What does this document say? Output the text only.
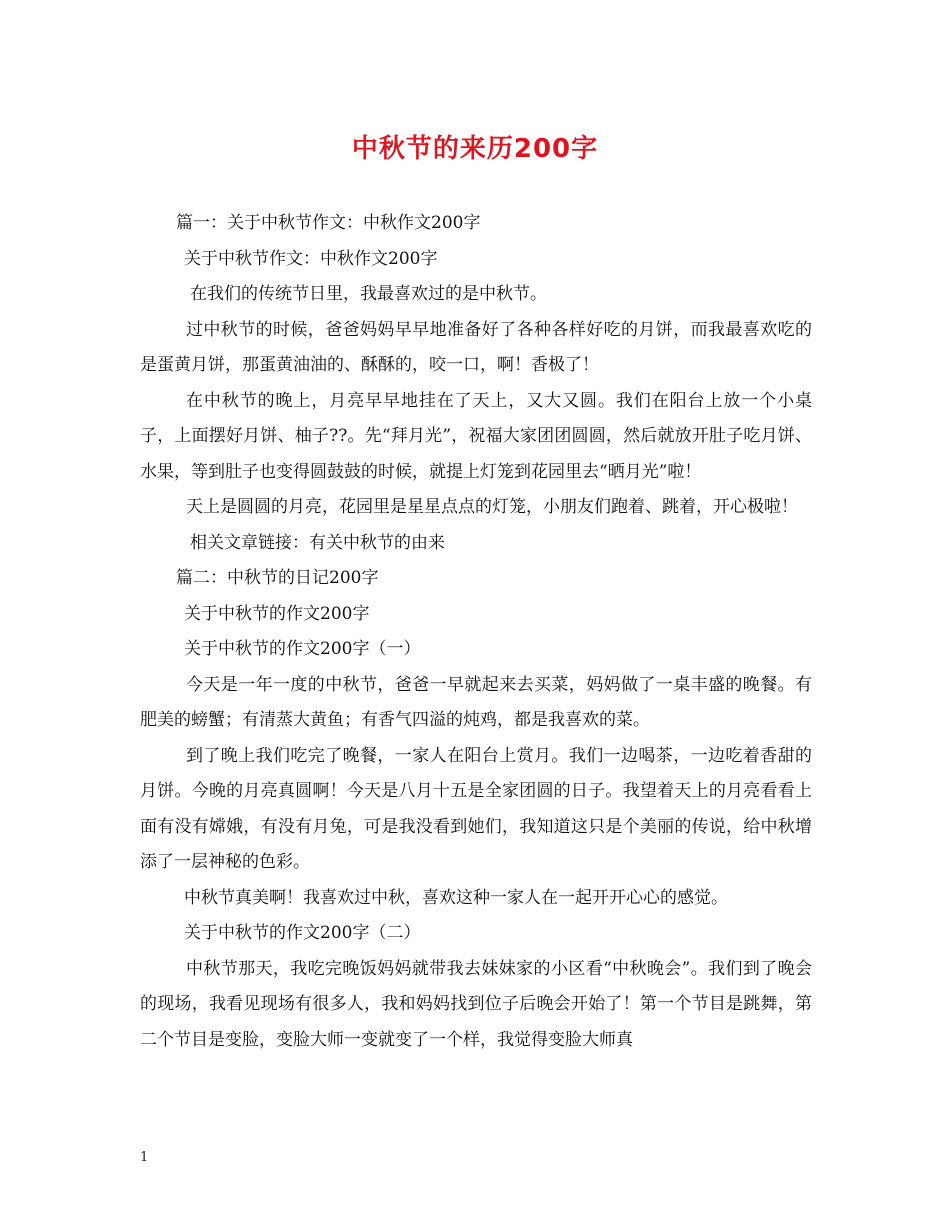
中秋节的来历200字

篇一：关于中秋节作文：中秋作文200字

关于中秋节作文：中秋作文200字

在我们的传统节日里，我最喜欢过的是中秋节。

过中秋节的时候，爸爸妈妈早早地准备好了各种各样好吃的月饼，而我最喜欢吃的是蛋黄月饼，那蛋黄油油的、酥酥的，咬一口，啊！香极了！

在中秋节的晚上，月亮早早地挂在了天上，又大又圆。我们在阳台上放一个小桌子，上面摆好月饼、柚子??。先“拜月光”，祝福大家团团圆圆，然后就放开肚子吃月饼、水果，等到肚子也变得圆鼓鼓的时候，就提上灯笼到花园里去“晒月光”啦！

天上是圆圆的月亮，花园里是星星点点的灯笼，小朋友们跑着、跳着，开心极啦！

相关文章链接：有关中秋节的由来

篇二：中秋节的日记200字

关于中秋节的作文200字

关于中秋节的作文200字（一）

今天是一年一度的中秋节，爸爸一早就起来去买菜，妈妈做了一桌丰盛的晚餐。有肥美的螃蟹；有清蒸大黄鱼；有香气四溢的炖鸡，都是我喜欢的菜。

到了晚上我们吃完了晚餐，一家人在阳台上赏月。我们一边喝茶，一边吃着香甜的月饼。今晚的月亮真圆啊！今天是八月十五是全家团圆的日子。我望着天上的月亮看看上面有没有嫦娥，有没有月兔，可是我没看到她们，我知道这只是个美丽的传说，给中秋增添了一层神秘的色彩。

中秋节真美啊！我喜欢过中秋，喜欢这种一家人在一起开开心心的感觉。

关于中秋节的作文200字（二）

中秋节那天，我吃完晚饭妈妈就带我去妹妹家的小区看“中秋晚会”。我们到了晚会的现场，我看见现场有很多人，我和妈妈找到位子后晚会开始了！第一个节目是跳舞，第二个节目是变脸，变脸大师一变就变了一个样，我觉得变脸大师真

1
